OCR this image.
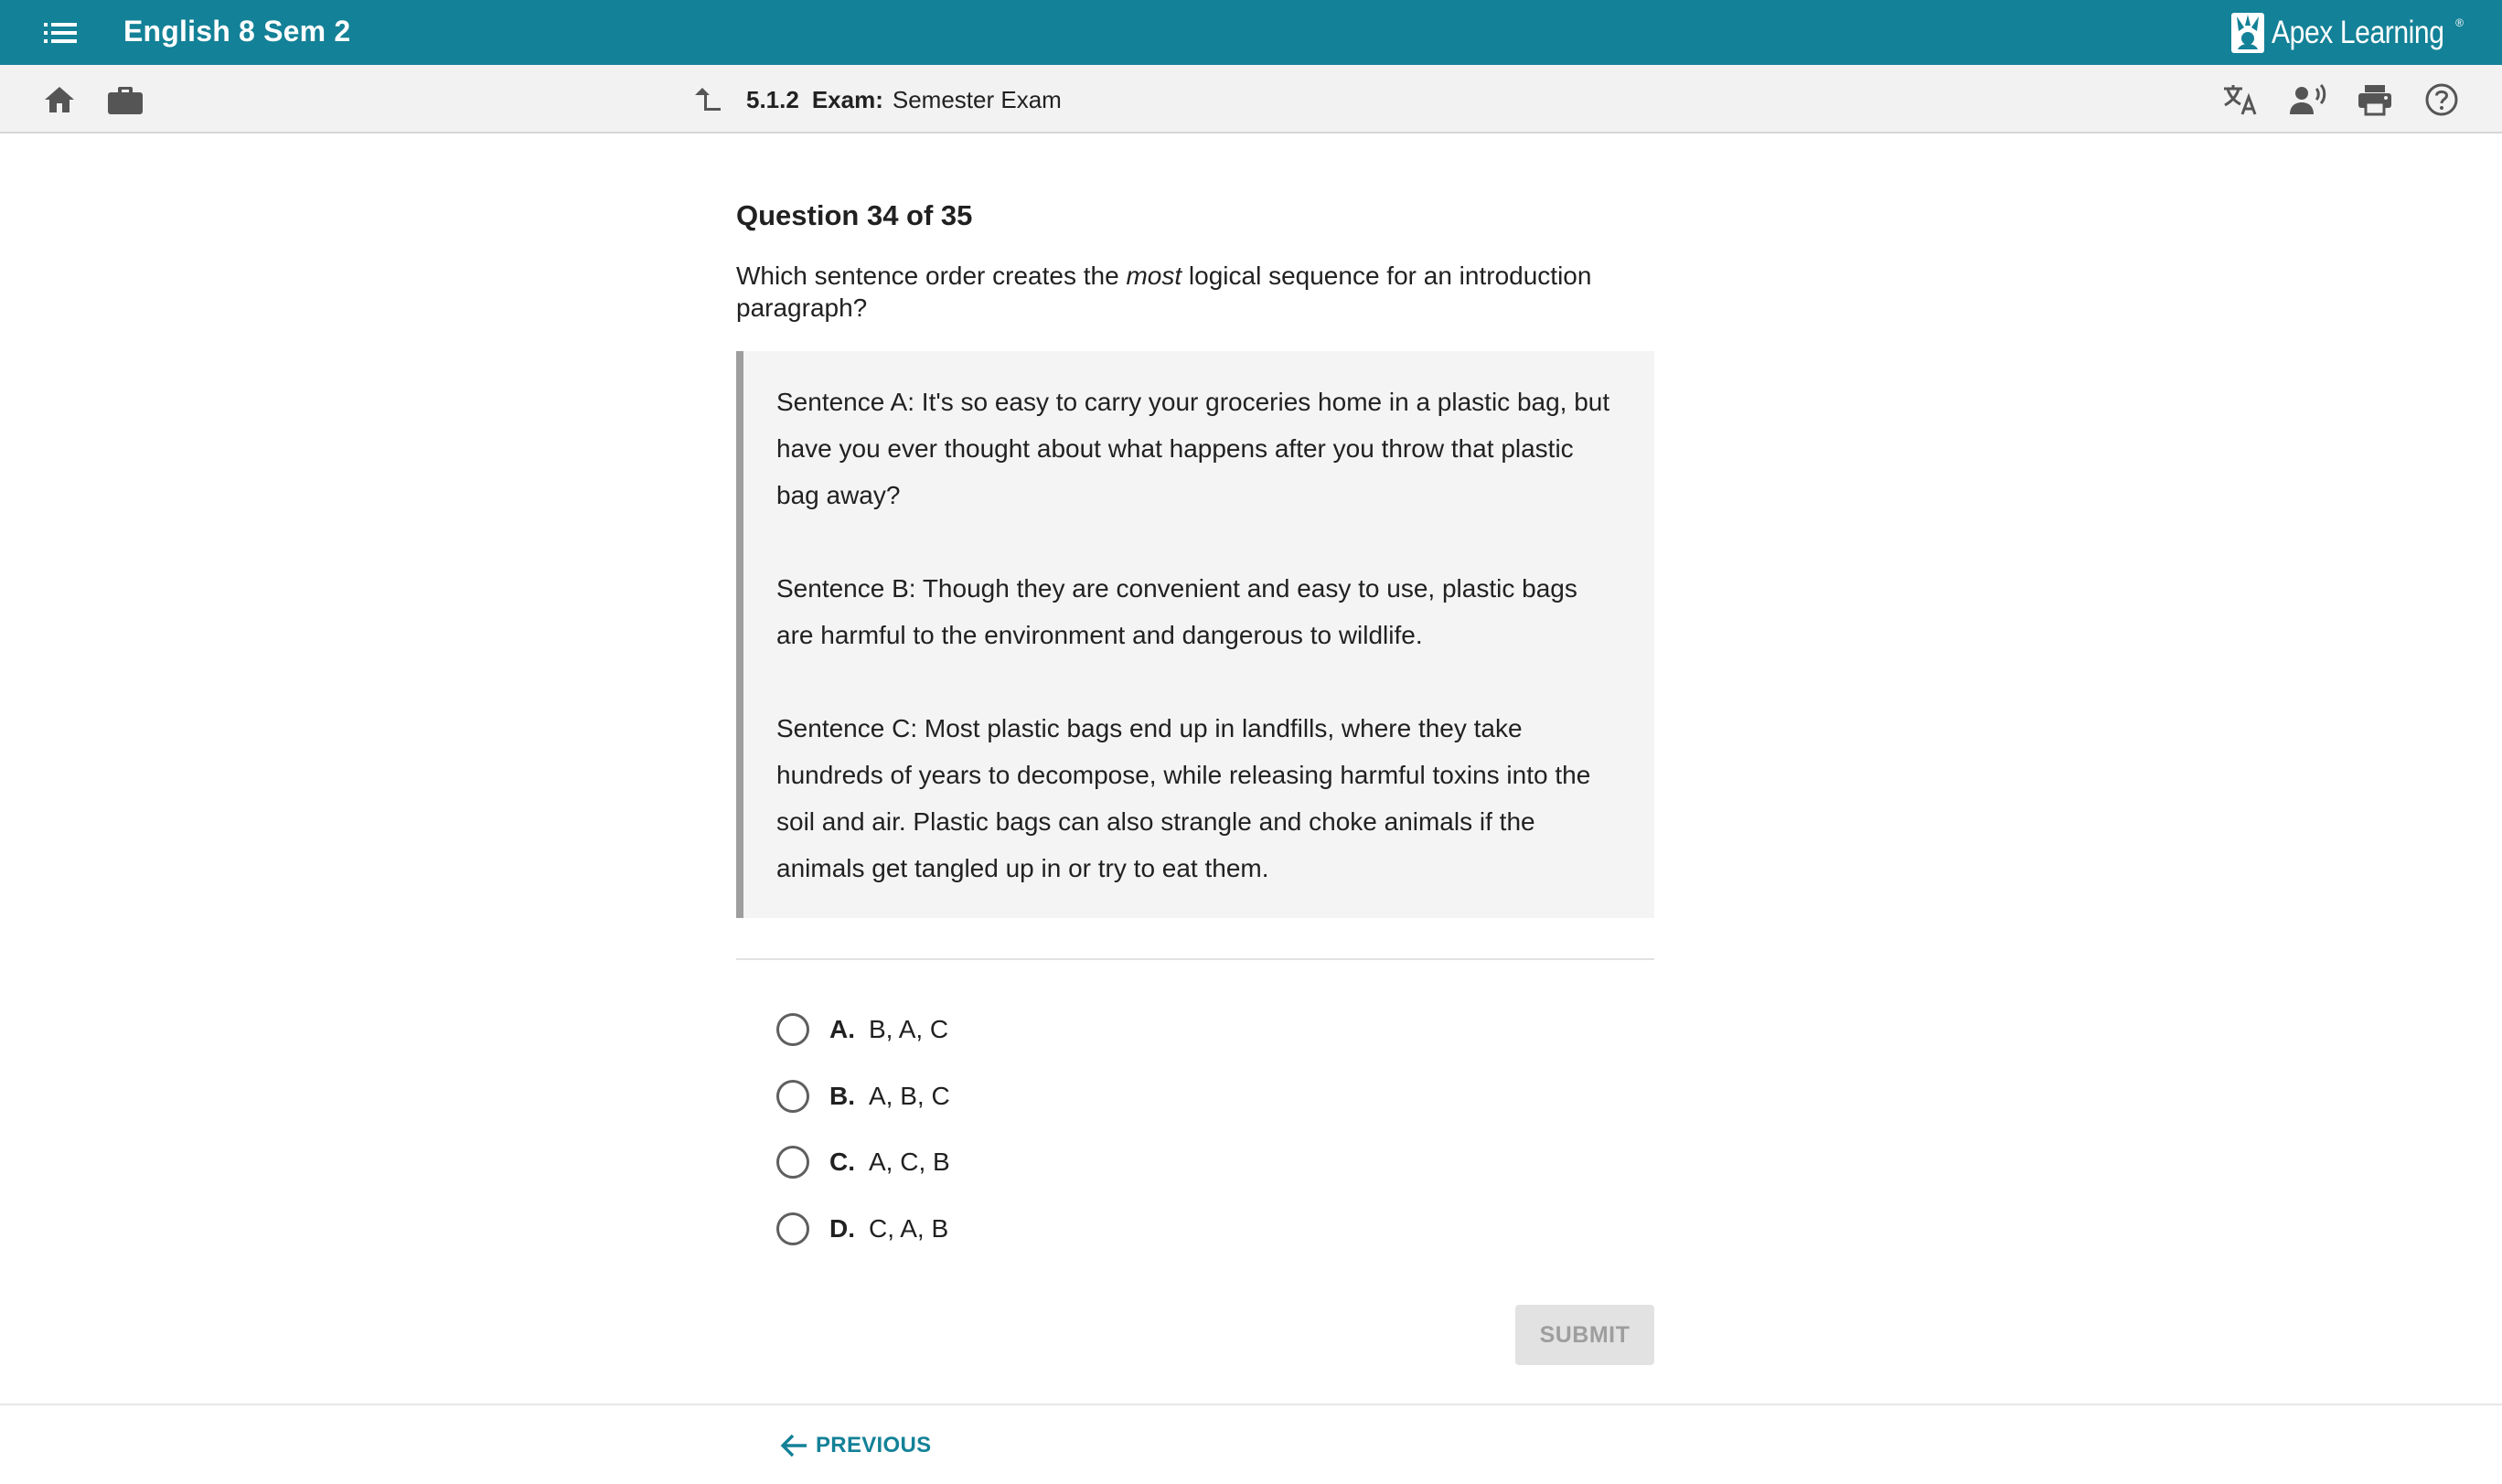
English 8 Sem 2	Apex Learning ®
5.1.2 Exam: Semester Exam
Question 34 of 35
Which sentence order creates the most logical sequence for an introduction paragraph?

Sentence A: It's so easy to carry your groceries home in a plastic bag, but have you ever thought about what happens after you throw that plastic bag away?

Sentence B: Though they are convenient and easy to use, plastic bags are harmful to the environment and dangerous to wildlife.

Sentence C: Most plastic bags end up in landfills, where they take hundreds of years to decompose, while releasing harmful toxins into the soil and air. Plastic bags can also strangle and choke animals if the animals get tangled up in or try to eat them.

A. B, A, C
B. A, B, C
C. A, C, B
D. C, A, B
SUBMIT
PREVIOUS
